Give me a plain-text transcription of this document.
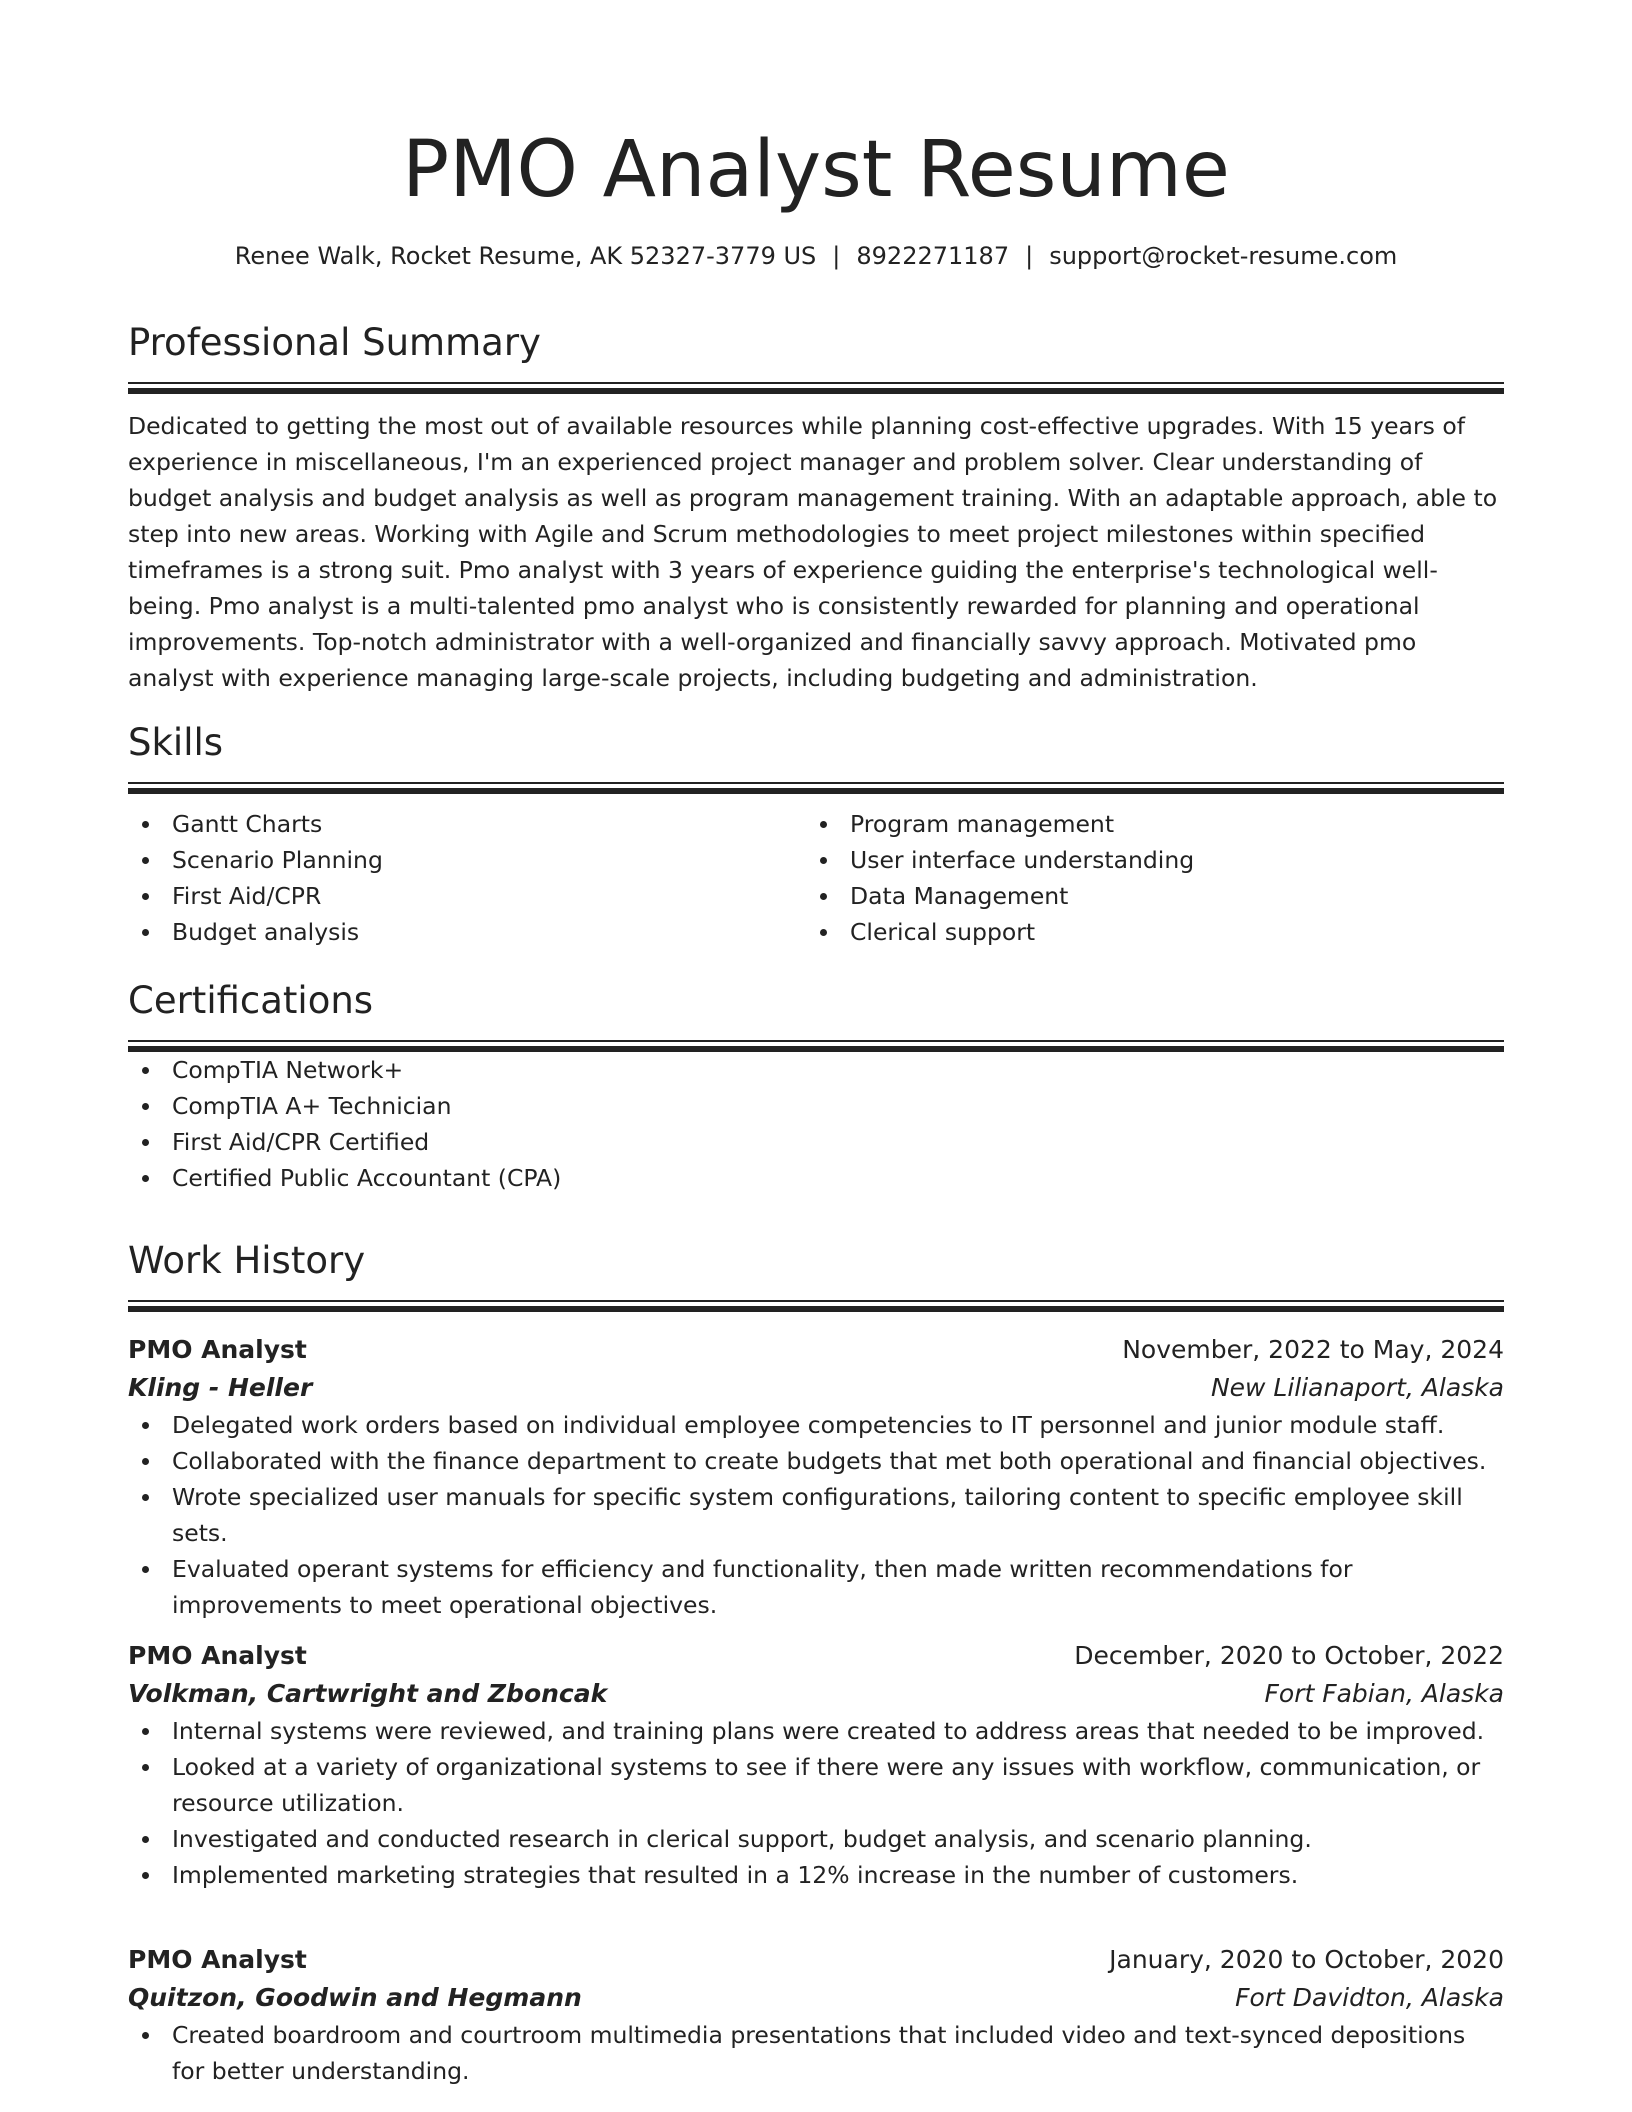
PMO Analyst Resume
Renee Walk, Rocket Resume, AK 52327-3779 US | 8922271187 | support@rocket-resume.com
Professional Summary
Dedicated to getting the most out of available resources while planning cost-effective upgrades. With 15 years of experience in miscellaneous, I'm an experienced project manager and problem solver. Clear understanding of budget analysis and budget analysis as well as program management training. With an adaptable approach, able to step into new areas. Working with Agile and Scrum methodologies to meet project milestones within specified timeframes is a strong suit. Pmo analyst with 3 years of experience guiding the enterprise's technological well-being. Pmo analyst is a multi-talented pmo analyst who is consistently rewarded for planning and operational improvements. Top-notch administrator with a well-organized and financially savvy approach. Motivated pmo analyst with experience managing large-scale projects, including budgeting and administration.
Skills
Gantt Charts
Scenario Planning
First Aid/CPR
Budget analysis
Program management
User interface understanding
Data Management
Clerical support
Certifications
CompTIA Network+
CompTIA A+ Technician
First Aid/CPR Certified
Certified Public Accountant (CPA)
Work History
PMO Analyst	November, 2022 to May, 2024
Kling - Heller	New Lilianaport, Alaska
Delegated work orders based on individual employee competencies to IT personnel and junior module staff.
Collaborated with the finance department to create budgets that met both operational and financial objectives.
Wrote specialized user manuals for specific system configurations, tailoring content to specific employee skill sets.
Evaluated operant systems for efficiency and functionality, then made written recommendations for improvements to meet operational objectives.
PMO Analyst	December, 2020 to October, 2022
Volkman, Cartwright and Zboncak	Fort Fabian, Alaska
Internal systems were reviewed, and training plans were created to address areas that needed to be improved.
Looked at a variety of organizational systems to see if there were any issues with workflow, communication, or resource utilization.
Investigated and conducted research in clerical support, budget analysis, and scenario planning.
Implemented marketing strategies that resulted in a 12% increase in the number of customers.
PMO Analyst	January, 2020 to October, 2020
Quitzon, Goodwin and Hegmann	Fort Davidton, Alaska
Created boardroom and courtroom multimedia presentations that included video and text-synced depositions for better understanding.
